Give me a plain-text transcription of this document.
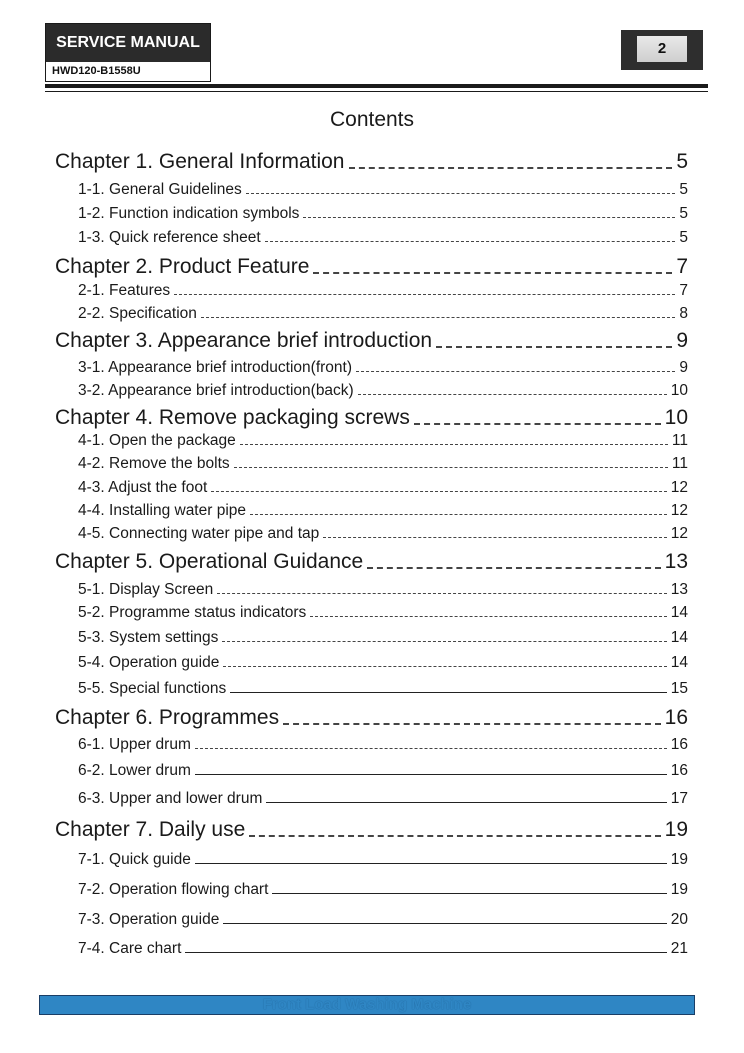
SERVICE MANUAL
HWD120-B1558U
2
Contents
Chapter 1. General Information	5
1-1. General Guidelines	5
1-2. Function indication symbols	5
1-3. Quick reference sheet	5
Chapter 2. Product Feature	7
2-1. Features	7
2-2. Specification	8
Chapter 3. Appearance brief introduction	9
3-1. Appearance brief introduction(front)	9
3-2. Appearance brief introduction(back)	10
Chapter 4. Remove packaging screws	10
4-1. Open the package	11
4-2. Remove the bolts	11
4-3. Adjust the foot	12
4-4. Installing water pipe	12
4-5. Connecting water pipe and tap	12
Chapter 5. Operational Guidance	13
5-1. Display Screen	13
5-2. Programme status indicators	14
5-3. System settings	14
5-4. Operation guide	14
5-5. Special functions	15
Chapter 6. Programmes	16
6-1. Upper drum	16
6-2. Lower drum	16
6-3. Upper and lower drum	17
Chapter 7. Daily use	19
7-1. Quick guide	19
7-2. Operation flowing chart	19
7-3. Operation guide	20
7-4. Care chart	21
Front Load Washing Machine
